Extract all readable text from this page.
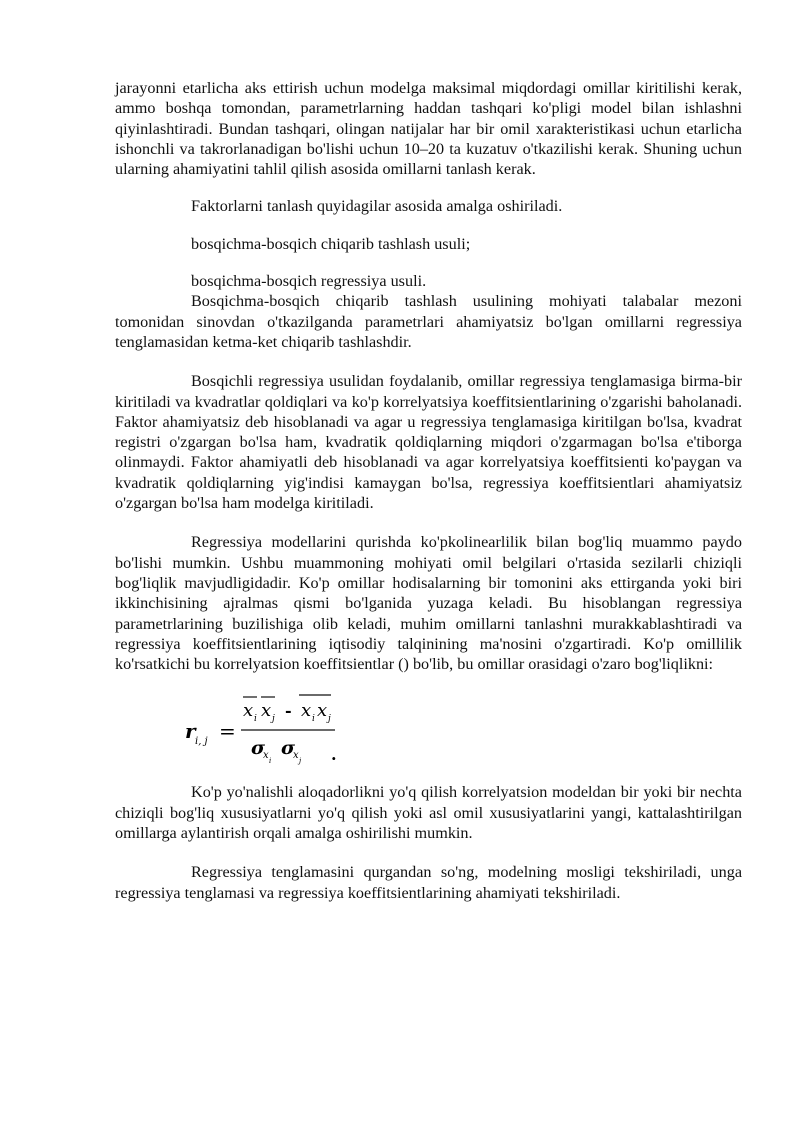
jarayonni etarlicha aks ettirish uchun modelga maksimal miqdordagi omillar kiritilishi kerak, ammo boshqa tomondan, parametrlarning haddan tashqari ko'pligi model bilan ishlashni qiyinlashtiradi. Bundan tashqari, olingan natijalar har bir omil xarakteristikasi uchun etarlicha ishonchli va takrorlanadigan bo'lishi uchun 10–20 ta kuzatuv o'tkazilishi kerak. Shuning uchun ularning ahamiyatini tahlil qilish asosida omillarni tanlash kerak.

Faktorlarni tanlash quyidagilar asosida amalga oshiriladi.

bosqichma-bosqich chiqarib tashlash usuli;

bosqichma-bosqich regressiya usuli.

Bosqichma-bosqich chiqarib tashlash usulining mohiyati talabalar mezoni tomonidan sinovdan o'tkazilganda parametrlari ahamiyatsiz bo'lgan omillarni regressiya tenglamasidan ketma-ket chiqarib tashlashdir.

Bosqichli regressiya usulidan foydalanib, omillar regressiya tenglamasiga birma-bir kiritiladi va kvadratlar qoldiqlari va ko'p korrelyatsiya koeffitsientlarining o'zgarishi baholanadi. Faktor ahamiyatsiz deb hisoblanadi va agar u regressiya tenglamasiga kiritilgan bo'lsa, kvadrat registri o'zgargan bo'lsa ham, kvadratik qoldiqlarning miqdori o'zgarmagan bo'lsa e'tiborga olinmaydi. Faktor ahamiyatli deb hisoblanadi va agar korrelyatsiya koeffitsienti ko'paygan va kvadratik qoldiqlarning yig'indisi kamaygan bo'lsa, regressiya koeffitsientlari ahamiyatsiz o'zgargan bo'lsa ham modelga kiritiladi.

Regressiya modellarini qurishda ko'pkolinearlilik bilan bog'liq muammo paydo bo'lishi mumkin. Ushbu muammoning mohiyati omil belgilari o'rtasida sezilarli chiziqli bog'liqlik mavjudligidadir. Ko'p omillar hodisalarning bir tomonini aks ettirganda yoki biri ikkinchisining ajralmas qismi bo'lganida yuzaga keladi. Bu hisoblangan regressiya parametrlarining buzilishiga olib keladi, muhim omillarni tanlashni murakkablashtiradi va regressiya koeffitsientlarining iqtisodiy talqinining ma'nosini o'zgartiradi. Ko'p omillilik ko'rsatkichi bu korrelyatsion koeffitsientlar () bo'lib, bu omillar orasidagi o'zaro bog'liqlikni:

r i, j =
x i x j - x i x j
σ
x i
σ
x j .

Ko'p yo'nalishli aloqadorlikni yo'q qilish korrelyatsion modeldan bir yoki bir nechta chiziqli bog'liq xususiyatlarni yo'q qilish yoki asl omil xususiyatlarini yangi, kattalashtirilgan omillarga aylantirish orqali amalga oshirilishi mumkin.

Regressiya tenglamasini qurgandan so'ng, modelning mosligi tekshiriladi, unga regressiya tenglamasi va regressiya koeffitsientlarining ahamiyati tekshiriladi.
